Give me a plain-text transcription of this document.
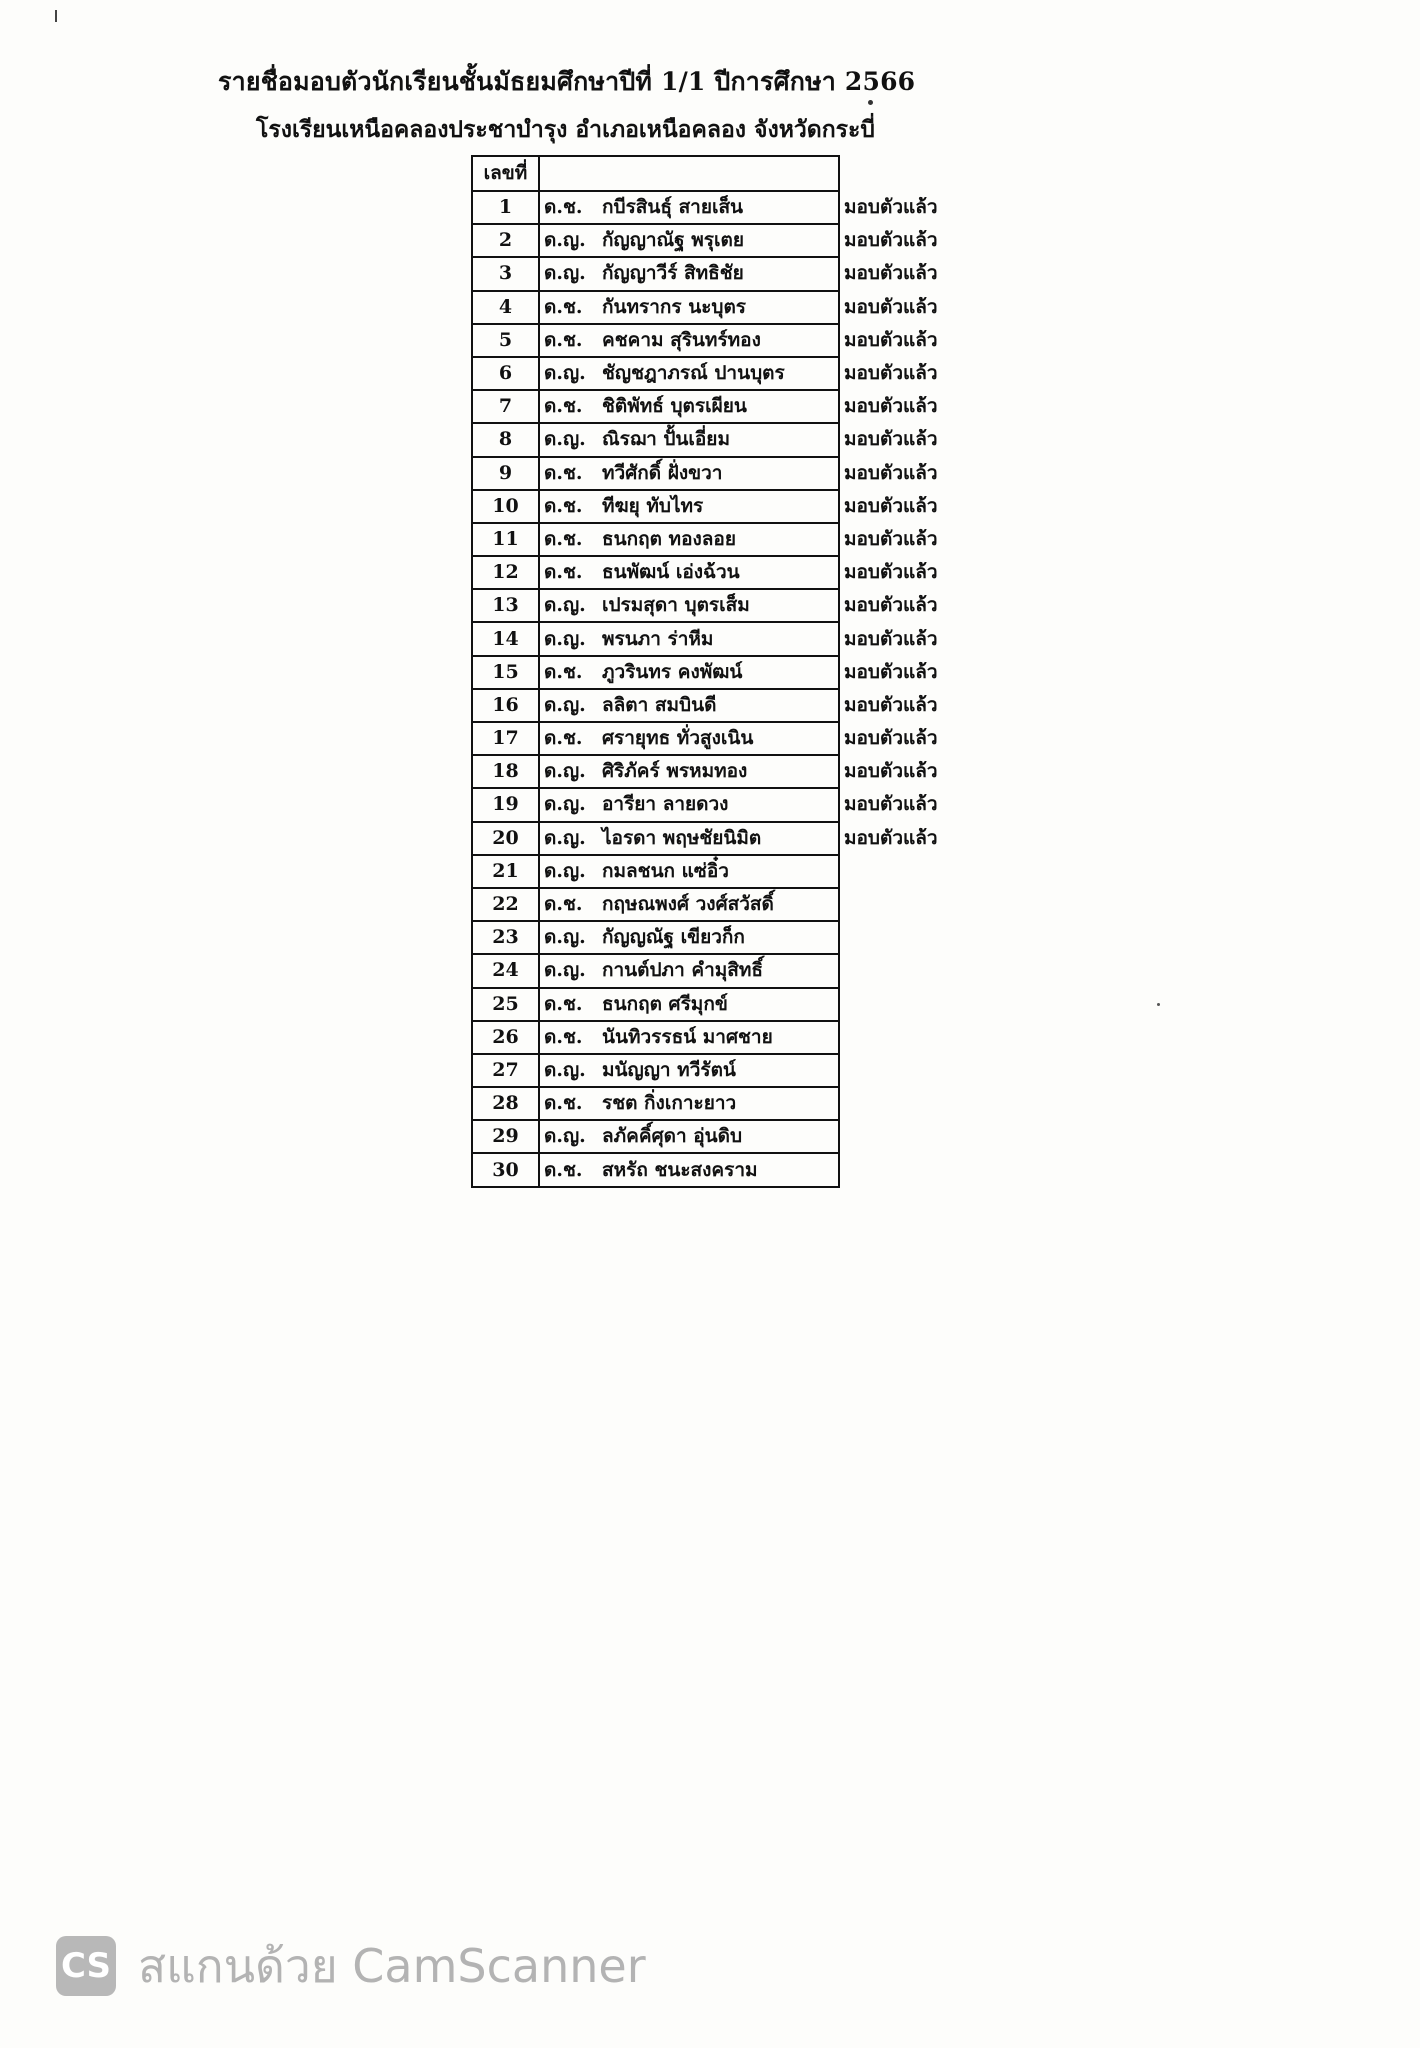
รายชื่อมอบตัวนักเรียนชั้นมัธยมศึกษาปีที่ 1/1 ปีการศึกษา 2566
โรงเรียนเหนือคลองประชาบำรุง อำเภอเหนือคลอง จังหวัดกระบี่
เลขที่		
1	ด.ช. กบีรสินธุ์ สายเส็น	มอบตัวแล้ว
2	ด.ญ. กัญญาณัฐ พรุเตย	มอบตัวแล้ว
3	ด.ญ. กัญญาวีร์ สิทธิชัย	มอบตัวแล้ว
4	ด.ช. กันทรากร นะบุตร	มอบตัวแล้ว
5	ด.ช. คชคาม สุรินทร์ทอง	มอบตัวแล้ว
6	ด.ญ. ชัญชฎาภรณ์ ปานบุตร	มอบตัวแล้ว
7	ด.ช. ชิติพัทธ์ บุตรเผียน	มอบตัวแล้ว
8	ด.ญ. ณิรฌา ปั้นเอี่ยม	มอบตัวแล้ว
9	ด.ช. ทวีศักดิ์ ฝั่งขวา	มอบตัวแล้ว
10	ด.ช. ทีฆยุ ทับไทร	มอบตัวแล้ว
11	ด.ช. ธนกฤต ทองลอย	มอบตัวแล้ว
12	ด.ช. ธนพัฒน์ เอ่งฉ้วน	มอบตัวแล้ว
13	ด.ญ. เปรมสุดา บุตรเส็ม	มอบตัวแล้ว
14	ด.ญ. พรนภา ร่าหีม	มอบตัวแล้ว
15	ด.ช. ภูวรินทร คงพัฒน์	มอบตัวแล้ว
16	ด.ญ. ลลิตา สมบินดี	มอบตัวแล้ว
17	ด.ช. ศรายุทธ ทั่วสูงเนิน	มอบตัวแล้ว
18	ด.ญ. ศิริภัคร์ พรหมทอง	มอบตัวแล้ว
19	ด.ญ. อารียา ลายดวง	มอบตัวแล้ว
20	ด.ญ. ไอรดา พฤษชัยนิมิต	มอบตัวแล้ว
21	ด.ญ. กมลชนก แซ่อิ๋ว	
22	ด.ช. กฤษณพงศ์ วงศ์สวัสดิ์	
23	ด.ญ. กัญญณัฐ เขียวก็ก	
24	ด.ญ. กานต์ปภา คำมุสิทธิ์	
25	ด.ช. ธนกฤต ศรีมุกข์	
26	ด.ช. นันทิวรรธน์ มาศชาย	
27	ด.ญ. มนัญญา ทวีรัตน์	
28	ด.ช. รชต กิ่งเกาะยาว	
29	ด.ญ. ลภัคคิ์ศุดา อุ่นดิบ	
30	ด.ช. สหรัถ ชนะสงคราม	
CS สแกนด้วย CamScanner
